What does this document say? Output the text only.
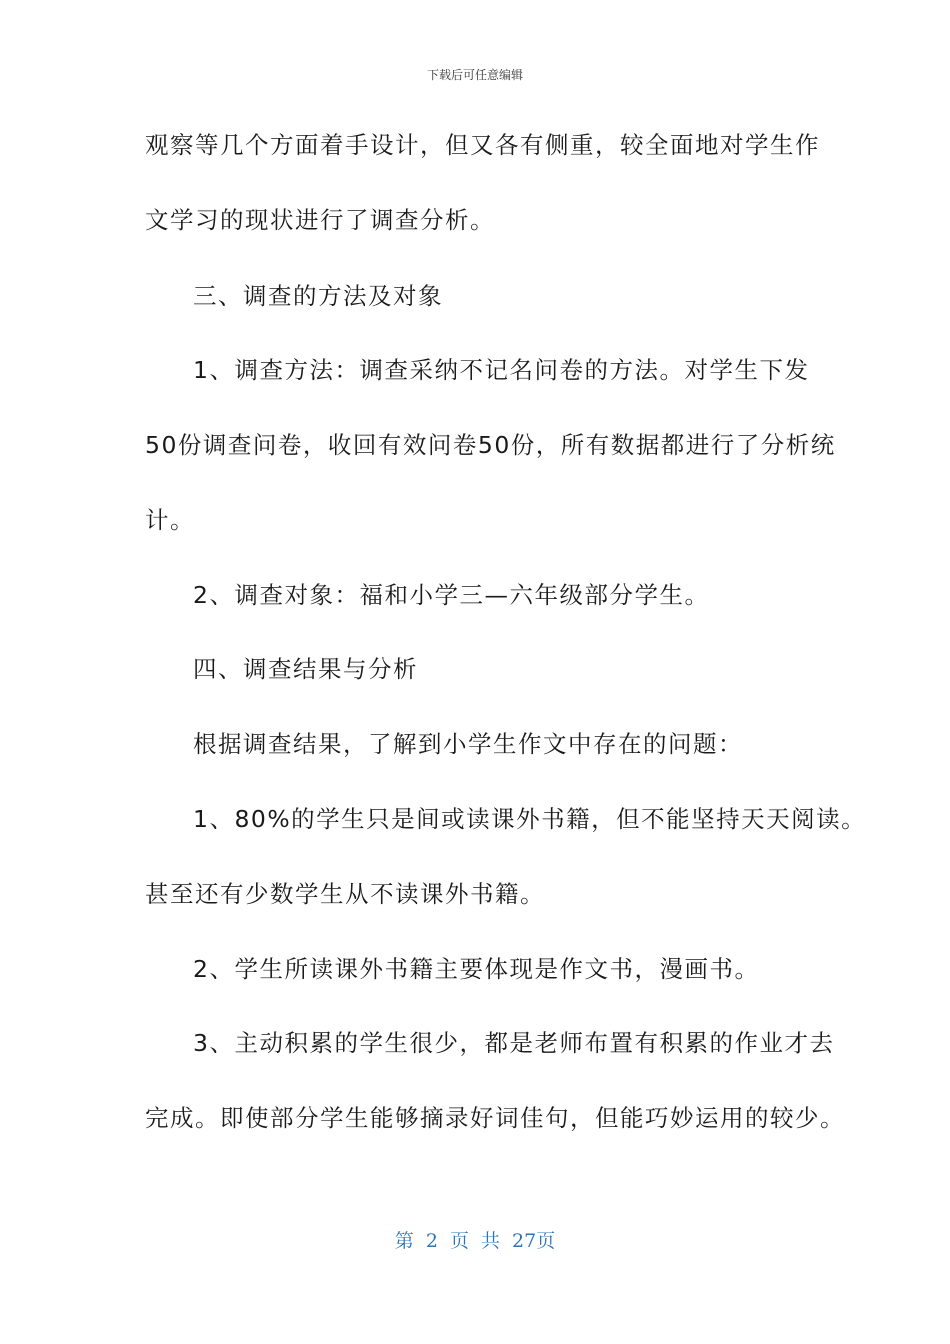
下载后可任意编辑
观察等几个方面着手设计，但又各有侧重，较全面地对学生作
文学习的现状进行了调查分析。
三、调查的方法及对象
1、调查方法：调查采纳不记名问卷的方法。对学生下发
50份调查问卷，收回有效问卷50份，所有数据都进行了分析统
计。
2、调查对象：福和小学三—六年级部分学生。
四、调查结果与分析
根据调查结果，了解到小学生作文中存在的问题：
1、80%的学生只是间或读课外书籍，但不能坚持天天阅读。
甚至还有少数学生从不读课外书籍。
2、学生所读课外书籍主要体现是作文书，漫画书。
3、主动积累的学生很少，都是老师布置有积累的作业才去
完成。即使部分学生能够摘录好词佳句，但能巧妙运用的较少。
第 2 页 共 27页
